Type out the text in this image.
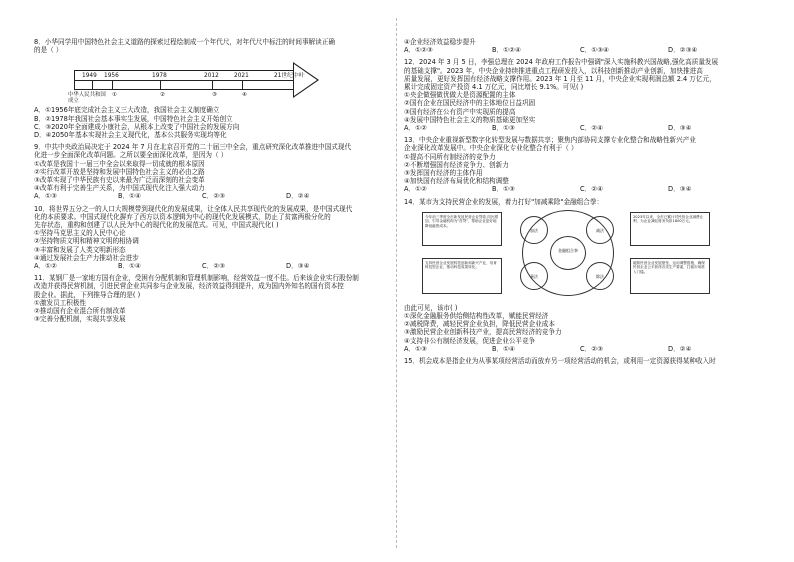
8．小华同学用中国特色社会主义道路的探索过程绘制成一个年代尺，对年代尺中标注的时间事解读正确

的是（ ）

1949 1956	1978	2012	2021	21世纪中叶
中华人民共和国成立
①	②	③	④

A．①1956年底完成社会主义三大改造，我国社会主义制度确立

B．②1978年我国社会基本事实生发展，中国特色社会主义开始创立

C．③2020年全面建成小康社会，从根本上改变了中国社会的发展方向

D．④2050年基本实现社会主义现代化，基本公共服务实现均等化

9．中共中央政治局决定于 2024 年 7 月在北京召开党的二十届三中全会，重点研究深化改革推进中国式现代

化进一步全面深化改革问题。之所以要全面深化改革，是因为（ ）

①改革是我国十一届三中全会以来取得一切成就的根本原因

②实行改革开放是坚持和发展中国特色社会主义的必由之路

③改革实现了中华民族有史以来最为广泛而深刻的社会变革

④改革有利于完善生产关系，为中国式现代化注入强大动力

A．①③	B．①④	C．②③	D．②④

10．将世界五分之一的人口大规模带到现代化的发展成果，让全体人民共享现代化的发展成果，是中国式现代

化的本质要求。中国式现代化摒弃了西方以资本逻辑为中心的现代化发展模式，防止了贫富两极分化的

先存状态，重构和创建了以人民为中心的现代化的发展范式。可见，中国式现代化( )

①坚持马克思主义的人民中心论

②坚持物质文明和精神文明的相协调

③丰富和发展了人类文明新形态

④通过发展社会生产力推动社会进步

A．①②	B．①④	C．②③	D．③④

11．某钢厂是一家地方国有企业，受困有分配机制和管理机制影响，经营效益一度不佳。后来该企业实行股份制

改造并获得民营机制，引进民营企业共同参与企业发展，经济效益得到提升，成为国内外知名的国有资本控

股企业。据此，下列推导合理的是( )

①激发员工积极性

②推动国有企业混合所有制改革

③完善分配机制，实现共享发展

④企业经济效益稳步提升

A．①②③	B．①②④	C．①③④	D．②③④

12．2024 年 3 月 5 日，李强总理在 2024 年政府工作报告中强调"深入实施科教兴国战略,强化高质量发展

的基础支撑"。2023 年，中央企业持续推进重点工程研发投入，以科技创新推动产业创新，加快推进高

质量发展，更好发挥国有经济战略支撑作用。2023 年 1 月至 11 月，中央企业实现利润总额 2.4 万亿元，

累计完成固定资产投资 4.1 万亿元，同比增长 9.1%。可见( )

①央企做强做优做大是资源配置的主体

②国有企业在国民经济中的主体地位日益巩固

③国有经济在公有资产中实现质的提高

④发展中国特色社会主义的物质基础更加坚实

A．①②	B．①③	C．②④	D．③④

13．中央企业重视新型数字化转型发展与数据共享；聚焦内部协同支撑专业化整合和战略性新兴产业

企业深化改革发展中。中央企业深化专业化整合有利于（ ）

①提高不同所有制经济的竞争力

②不断增强国有经济竞争力、创新力

③发挥国有经济的主体作用

④加快国有经济布局优化和结构调整

A．①②	B．①③	C．②④	D．③④

14．某市为支持民营企业的发展，着力打好"加减乘除"金融组合拳：

今年前三季度全市新发放民营企业贷款,同比增加，引导金融机构为"首贷"，帮助企业更好地降低融资成本。
2023年以来，全市已累计对民营企业减费让利，为企业减轻财务负担1800万元。
支持民营企业发展科技创新和新兴产业，培育科技型企业，推动科技成果转化。
破除民营企业发展壁垒，运用调整措施，确保民营企业公平获得各类生产要素，打破市场准入门槛。
加法	减法
乘法	除法
金融组合拳

由此可见，该市( )

①深化金融服务供给侧结构性改革，赋能民营经济

②减税降费，减轻民营企业负担，降低民营企业成本

③激励民营企业创新科技产业，提高民营经济的竞争力

④支持非公有制经济发展，促进企业公平竞争

A．①③	B．①④	C．②③	D．②④

15．机会成本是指企业为从事某项经营活动而放弃另一项经营活动的机会，或利用一定资源获得某种收入时
